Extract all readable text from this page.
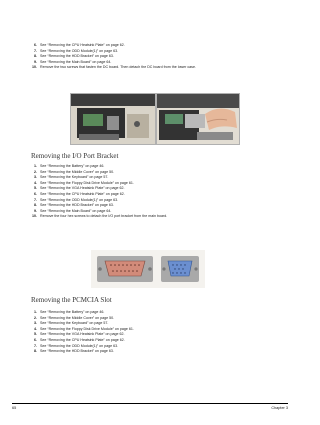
6. See “Removing the CPU Heatsink Plate” on page 62.
7. See “Removing the ODD Module(1)” on page 63.
8. See “Removing the HDD Bracket” on page 63.
9. See “Removing the Main Board” on page 64.
10. Remove the two screws that fasten the DC board. Then detach the DC board from the lower case.
Removing the I/O Port Bracket
1. See “Removing the Battery” on page 46.
2. See “Removing the Middle Cover” on page 50.
3. See “Removing the Keyboard” on page 57.
4. See “Removing the Floppy Disk Drive Module” on page 61.
5. See “Removing the VGA Heatsink Plate” on page 62.
6. See “Removing the CPU Heatsink Plate” on page 62.
7. See “Removing the ODD Module(1)” on page 63.
8. See “Removing the HDD Bracket” on page 63.
9. See “Removing the Main Board” on page 64.
10. Remove the four hex screws to detach the I/O port bracket from the main board.
Removing the PCMCIA Slot
1. See “Removing the Battery” on page 46.
2. See “Removing the Middle Cover” on page 50.
3. See “Removing the Keyboard” on page 57.
4. See “Removing the Floppy Disk Drive Module” on page 61.
5. See “Removing the VGA Heatsink Plate” on page 62.
6. See “Removing the CPU Heatsink Plate” on page 62.
7. See “Removing the ODD Module(1)” on page 63.
8. See “Removing the HDD Bracket” on page 63.
65	Chapter 3
